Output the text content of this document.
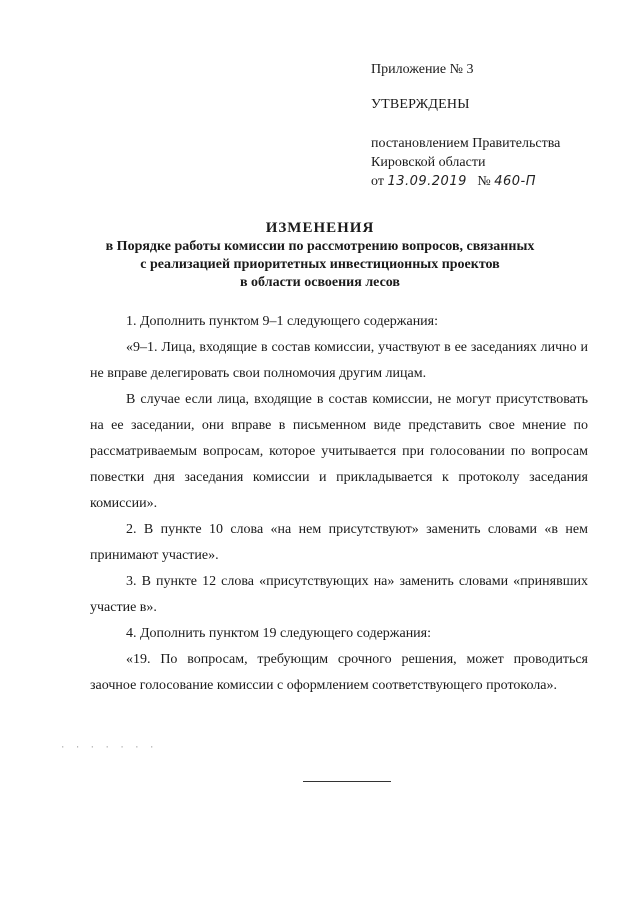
Приложение № 3
УТВЕРЖДЕНЫ
постановлением Правительства
Кировской области
от 13.09.2019 № 460-П
ИЗМЕНЕНИЯ
в Порядке работы комиссии по рассмотрению вопросов, связанных
с реализацией приоритетных инвестиционных проектов
в области освоения лесов

1. Дополнить пунктом 9–1 следующего содержания:

«9–1. Лица, входящие в состав комиссии, участвуют в ее заседаниях лично и не вправе делегировать свои полномочия другим лицам.

В случае если лица, входящие в состав комиссии, не могут присутствовать на ее заседании, они вправе в письменном виде представить свое мнение по рассматриваемым вопросам, которое учитывается при голосовании по вопросам повестки дня заседания комиссии и прикладывается к протоколу заседания комиссии».

2. В пункте 10 слова «на нем присутствуют» заменить словами «в нем принимают участие».

3. В пункте 12 слова «присутствующих на» заменить словами «принявших участие в».

4. Дополнить пунктом 19 следующего содержания:

«19. По вопросам, требующим срочного решения, может проводиться заочное голосование комиссии с оформлением соответствующего протокола».

· · · · · · ·
